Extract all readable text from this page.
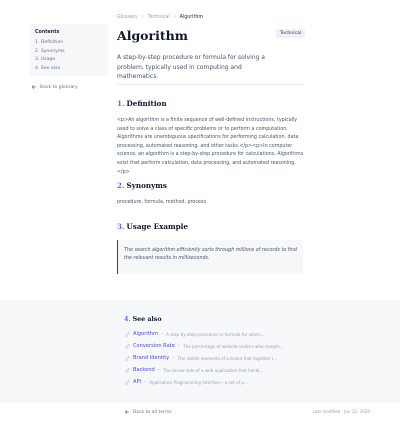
Contents
1. Definition
2. Synonyms
3. Usage
4. See also
Back to glossary
Glossary › Technical › Algorithm
Algorithm	Technical

A step-by-step procedure or formula for solving a problem, typically used in computing and mathematics.

1. Definition

<p>An algorithm is a finite sequence of well-defined instructions, typically used to solve a class of specific problems or to perform a computation. Algorithms are unambiguous specifications for performing calculation, data processing, automated reasoning, and other tasks.</p><p>In computer science, an algorithm is a step-by-step procedure for calculations. Algorithms exist that perform calculation, data processing, and automated reasoning.</p>

2. Synonyms

procedure, formula, method, process

3. Usage Example
The search algorithm efficiently sorts through millions of records to find the relevant results in milliseconds.
4. See also
Algorithm – A step-by-step procedure or formula for solvin...
Conversion Rate – The percentage of website visitors who comple...
Brand Identity – The visible elements of a brand that together i...
Backend – The server-side of a web application that handl...
API – Application Programming Interface - a set of p...
Back to all terms	Last modified · Jan 12, 2026
